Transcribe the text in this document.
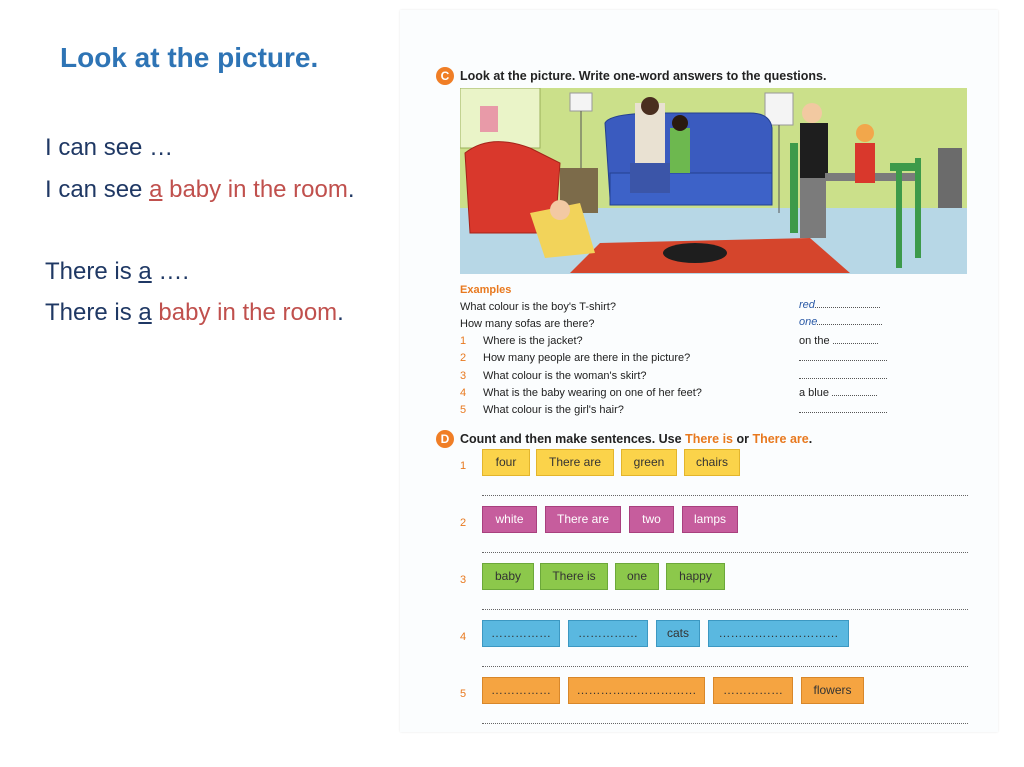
Look at the picture.
I can see …
I can see a baby in the room.
There is a ….
There is a baby in the room.
C Look at the picture. Write one-word answers to the questions.
Examples
What colour is the boy's T-shirt?	red
How many sofas are there?	one
1 Where is the jacket?	on the
2 How many people are there in the picture?
3 What colour is the woman's skirt?
4 What is the baby wearing on one of her feet?	a blue
5 What colour is the girl's hair?
D Count and then make sentences. Use There is or There are.
1	four	There are	green	chairs
2	white	There are	two	lamps
3	baby	There is	one	happy
4	……………	……………	cats	…………………………
5	……………	…………………………	……………	flowers
